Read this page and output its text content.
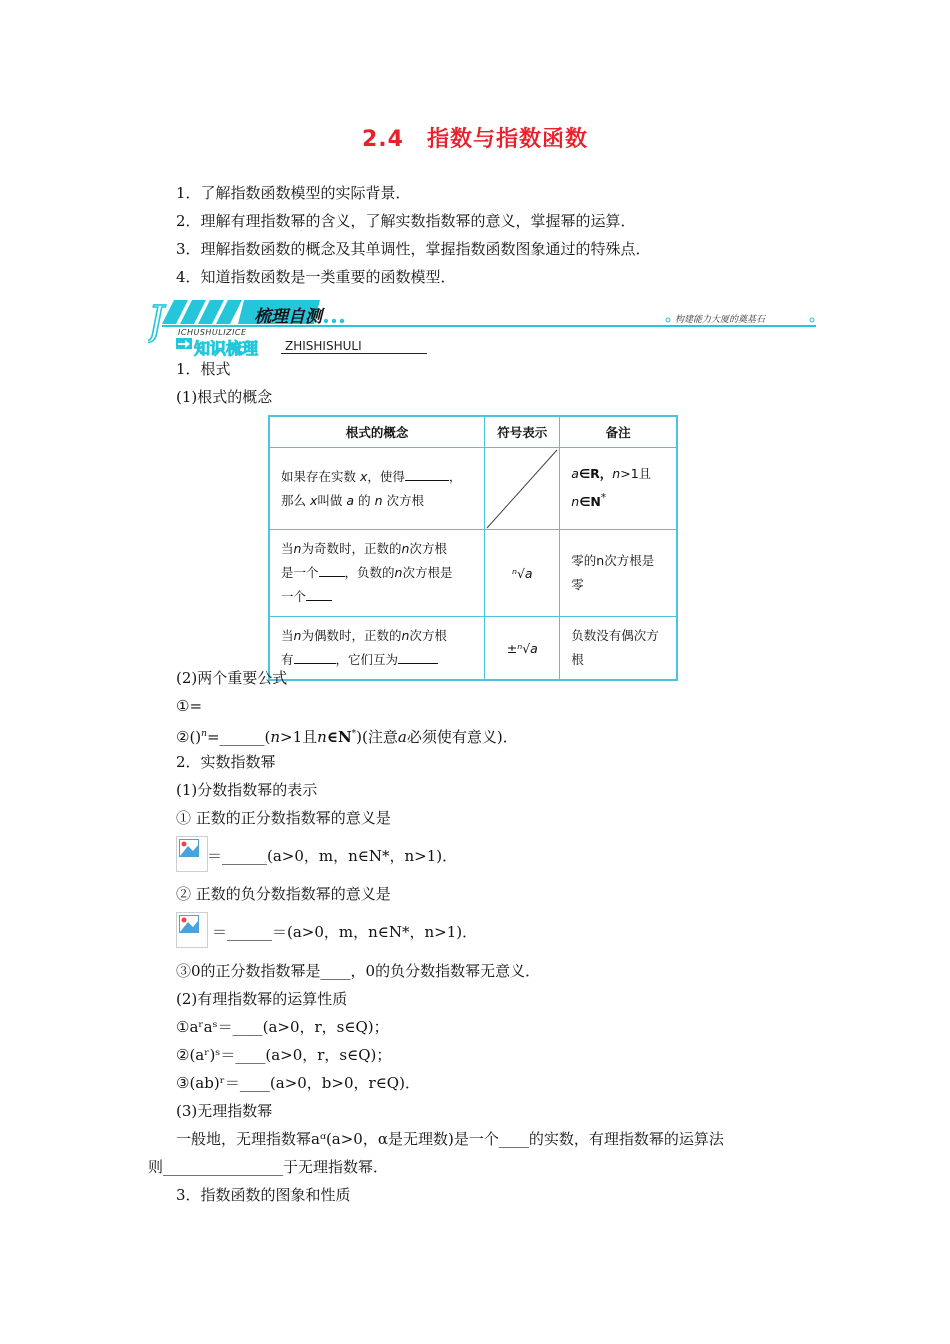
2.4　指数与指数函数
1．了解指数函数模型的实际背景．
2．理解有理指数幂的含义，了解实数指数幂的意义，掌握幂的运算．
3．理解指数函数的概念及其单调性，掌握指数函数图象通过的特殊点．
4．知道指数函数是一类重要的函数模型．
J	梳理自测
ICHUSHULIZICE
构建能力大厦的奠基石
知识梳理	ZHISHISHULI
1．根式
(1)根式的概念
根式的概念	符号表示	备注

如果存在实数 x，使得 ，
那么 x叫做 a 的 n 次方根		a∈R，n>1且
n∈N*

当n为奇数时，正数的n次方根
是一个 ，负数的n次方根是
一个	ⁿ√a	零的n次方根是零

当n为偶数时，正数的n次方根
有 ，它们互为	±ⁿ√a	负数没有偶次方根
(2)两个重要公式
①=
②()$^n$=______(n>1且n∈N*)(注意a必须使有意义)．
2．实数指数幂
(1)分数指数幂的表示
① 正数的正分数指数幂的意义是
＝______(a>0，m，n∈N*，n>1)．
② 正数的负分数指数幂的意义是
＝______＝(a>0，m，n∈N*，n>1)．
③0的正分数指数幂是____，0的负分数指数幂无意义．
(2)有理指数幂的运算性质
①aʳaˢ＝____(a>0，r，s∈Q)；
②(aʳ)ˢ＝____(a>0，r，s∈Q)；
③(ab)ʳ＝____(a>0，b>0，r∈Q)．
(3)无理指数幂
一般地，无理指数幂aᵅ(a>0，α是无理数)是一个____的实数，有理指数幂的运算法
则________________于无理指数幂．
3．指数函数的图象和性质
